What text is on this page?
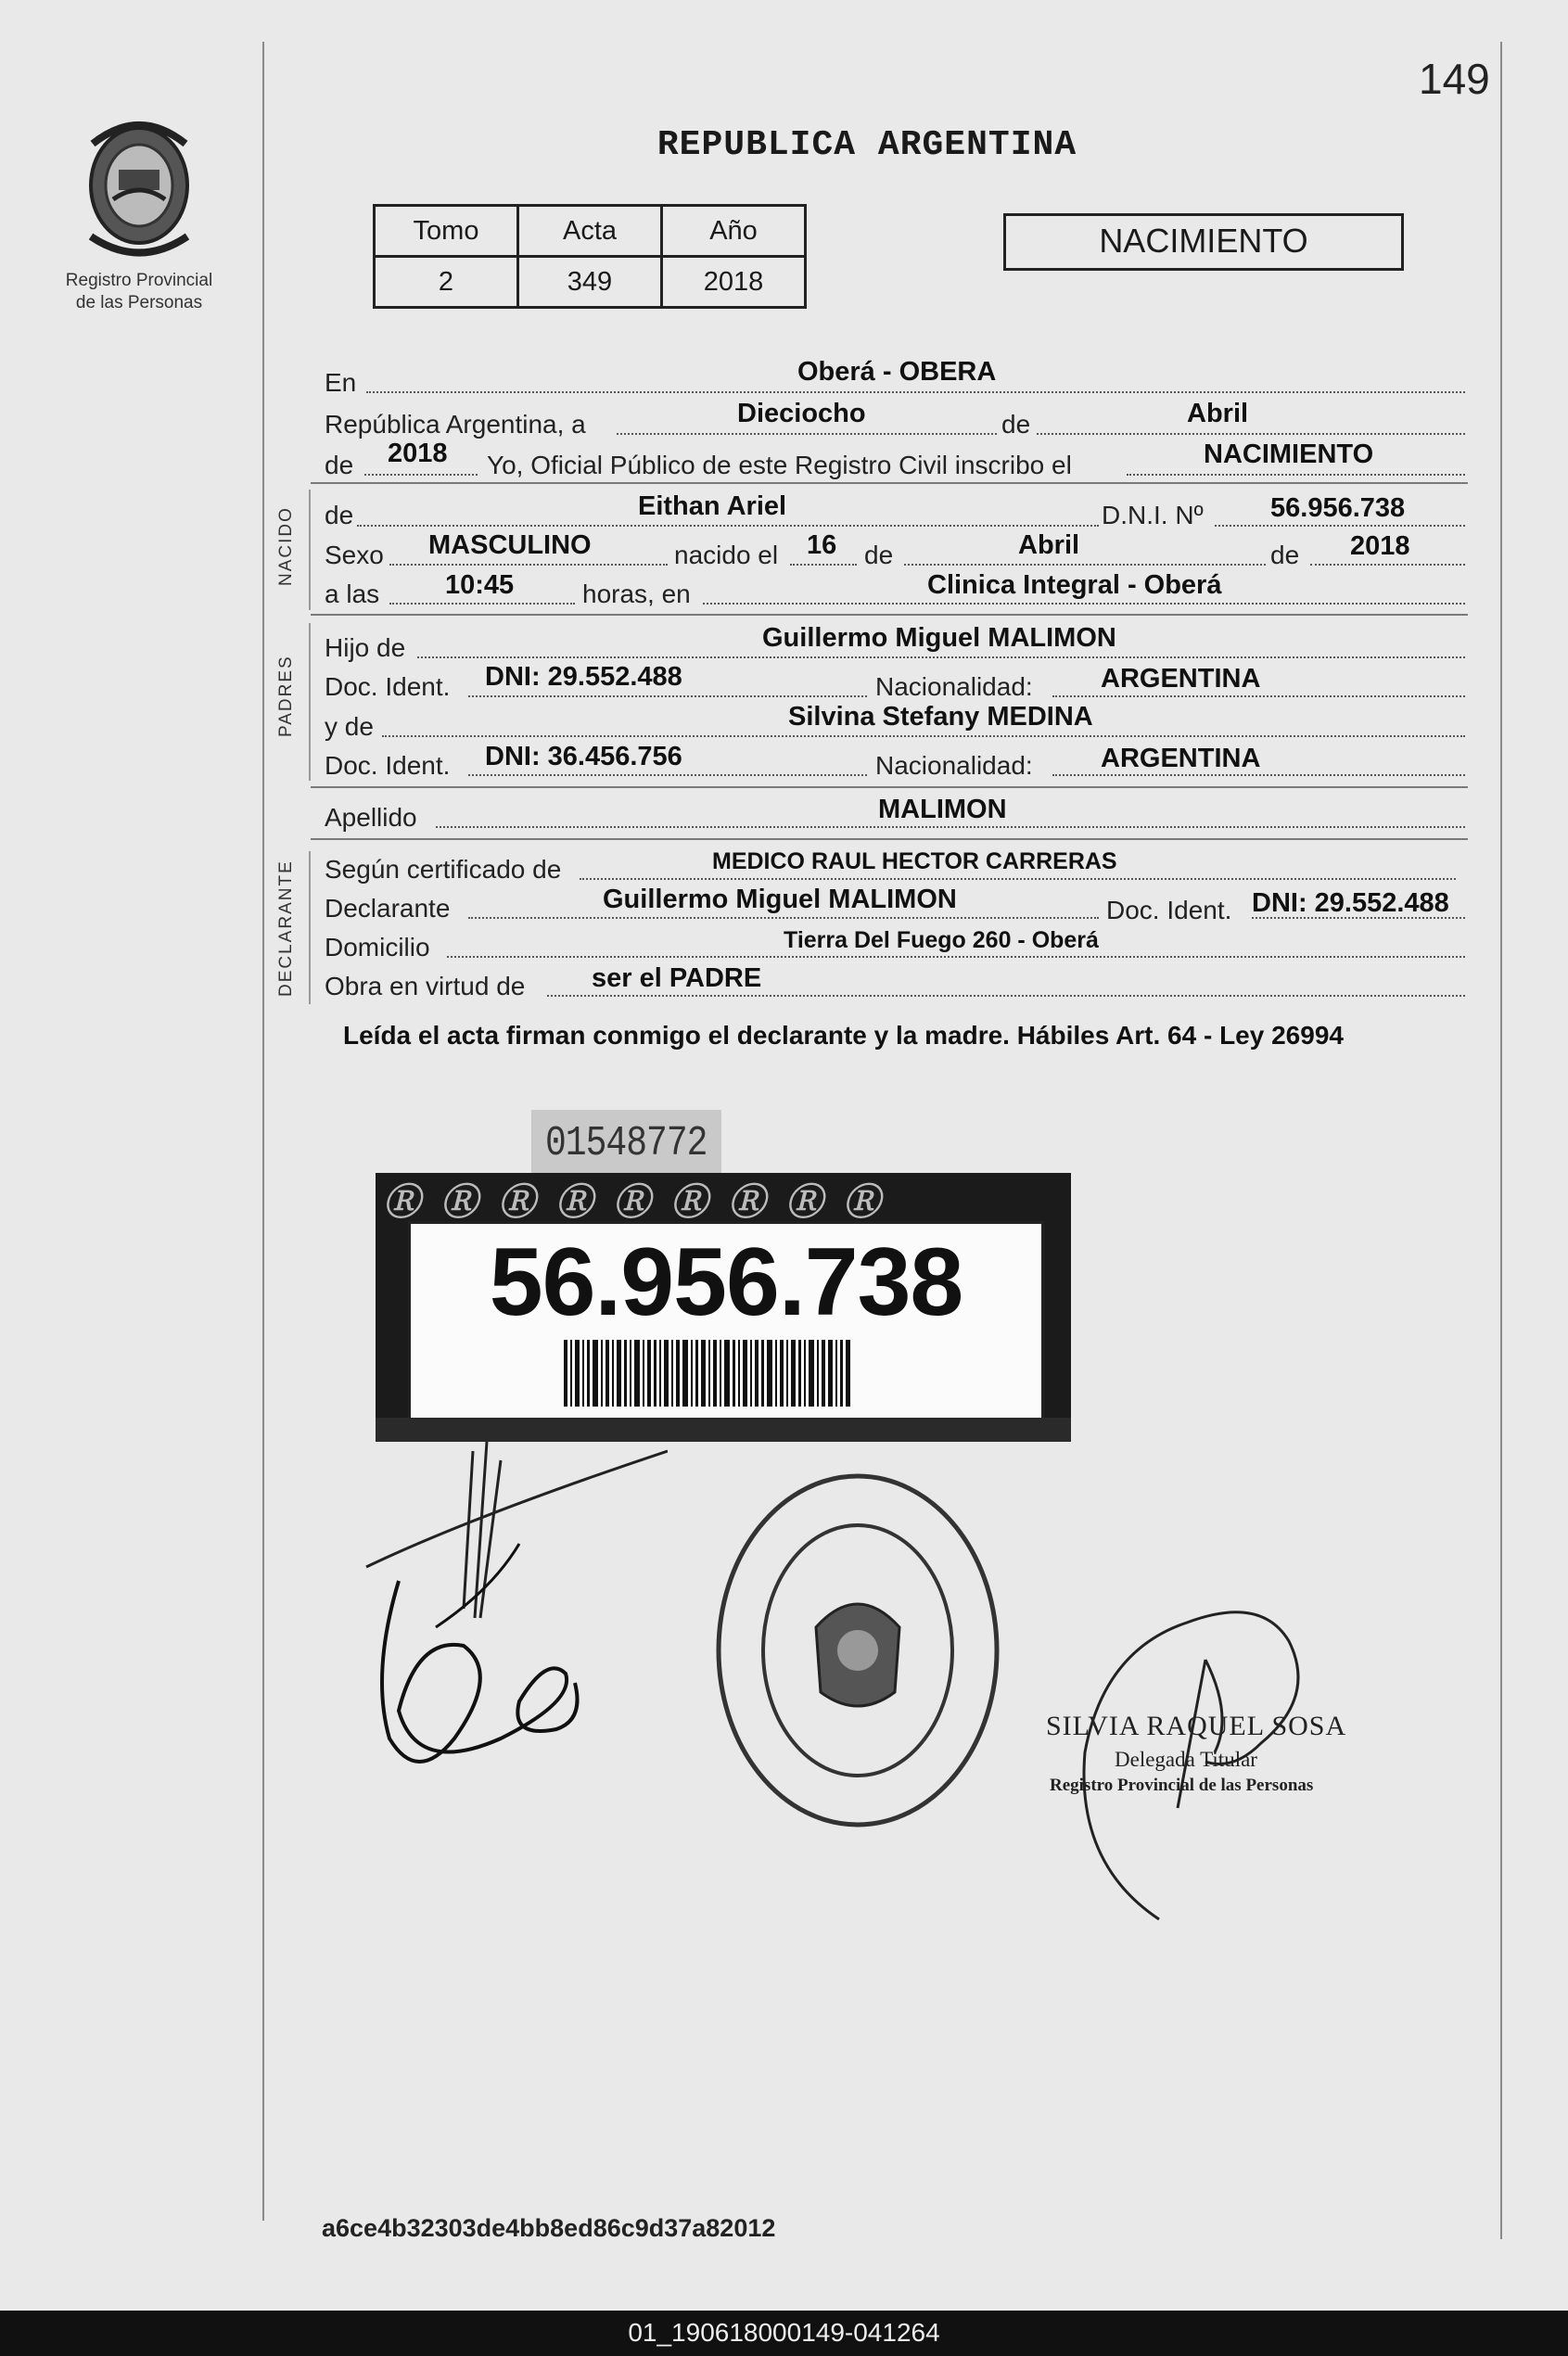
149
Registro Provincial
de las Personas
REPUBLICA ARGENTINA
Tomo	Acta	Año
2	349	2018
NACIMIENTO
En	Oberá - OBERA
República Argentina, a	Dieciocho	de	Abril
de 2018 Yo, Oficial Público de este Registro Civil inscribo el	NACIMIENTO
NACIDO de	Eithan Ariel	D.N.I. Nº 56.956.738
Sexo MASCULINO	nacido el 16 de	Abril	de 2018
a las 10:45	horas, en	Clinica Integral - Oberá
PADRES
Hijo de	Guillermo Miguel MALIMON
Doc. Ident. DNI: 29.552.488	Nacionalidad:	ARGENTINA
y de	Silvina Stefany MEDINA
Doc. Ident. DNI: 36.456.756	Nacionalidad:	ARGENTINA
Apellido	MALIMON
DECLARANTE Según certificado de	MEDICO RAUL HECTOR CARRERAS
Declarante	Guillermo Miguel MALIMON	Doc. Ident. DNI: 29.552.488
Domicilio	Tierra Del Fuego 260 - Oberá
Obra en virtud de ser el PADRE
Leída el acta firman conmigo el declarante y la madre. Hábiles Art. 64 - Ley 26994
01548772
ⓇⓇⓇⓇⓇⓇⓇⓇⓇ
56.956.738
SILVIA RAQUEL SOSA
Delegada Titular
Registro Provincial de las Personas
a6ce4b32303de4bb8ed86c9d37a82012
01_190618000149-041264
